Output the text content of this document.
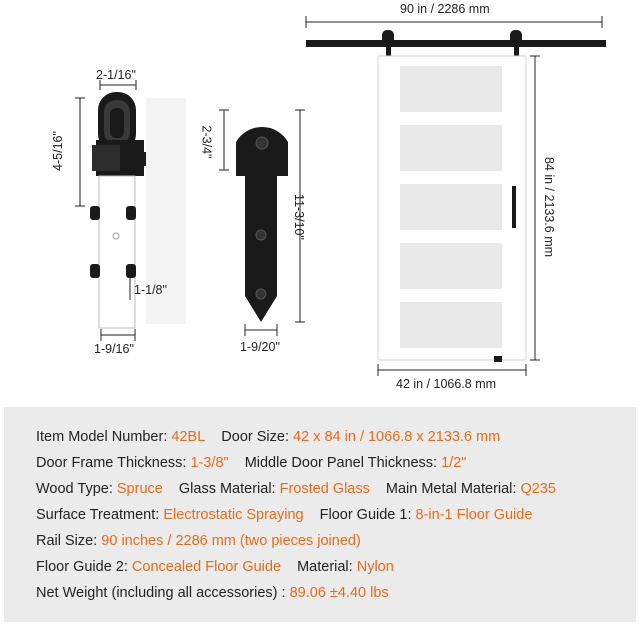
2-1/16"
4-5/16"
1-1/8"
1-9/16"
2-3/4"
11-3/10"
1-9/20"
90 in / 2286 mm
84 in / 2133.6 mm
42 in / 1066.8 mm
Item Model Number: 42BL Door Size: 42 x 84 in / 1066.8 x 2133.6 mm
Door Frame Thickness: 1-3/8" Middle Door Panel Thickness: 1/2"
Wood Type: Spruce Glass Material: Frosted Glass Main Metal Material: Q235
Surface Treatment: Electrostatic Spraying Floor Guide 1: 8-in-1 Floor Guide
Rail Size: 90 inches / 2286 mm (two pieces joined)
Floor Guide 2: Concealed Floor Guide Material: Nylon
Net Weight (including all accessories) : 89.06 ±4.40 lbs
